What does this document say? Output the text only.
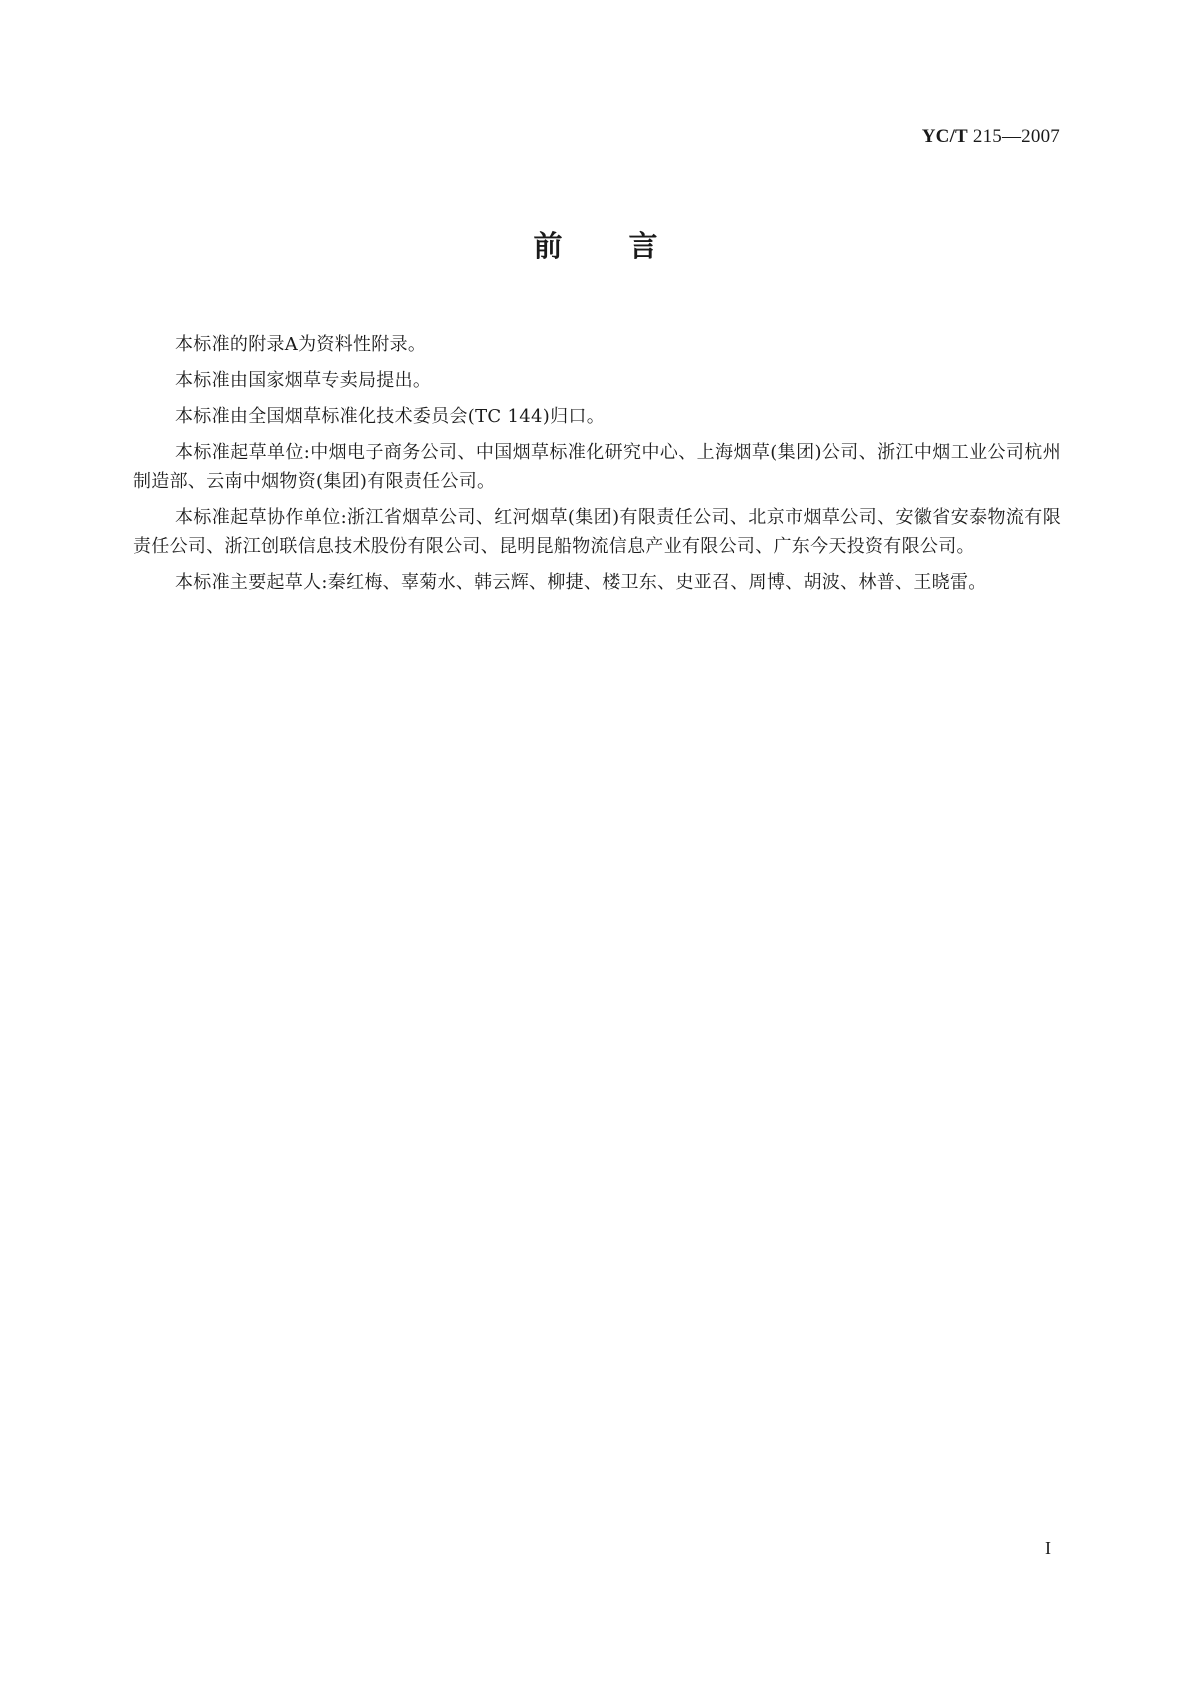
YC/T 215—2007
前 言

本标准的附录A为资料性附录。

本标准由国家烟草专卖局提出。

本标准由全国烟草标准化技术委员会(TC 144)归口。

本标准起草单位:中烟电子商务公司、中国烟草标准化研究中心、上海烟草(集团)公司、浙江中烟工业公司杭州制造部、云南中烟物资(集团)有限责任公司。

本标准起草协作单位:浙江省烟草公司、红河烟草(集团)有限责任公司、北京市烟草公司、安徽省安泰物流有限责任公司、浙江创联信息技术股份有限公司、昆明昆船物流信息产业有限公司、广东今天投资有限公司。

本标准主要起草人:秦红梅、辜菊水、韩云辉、柳捷、楼卫东、史亚召、周博、胡波、林普、王晓雷。

I
